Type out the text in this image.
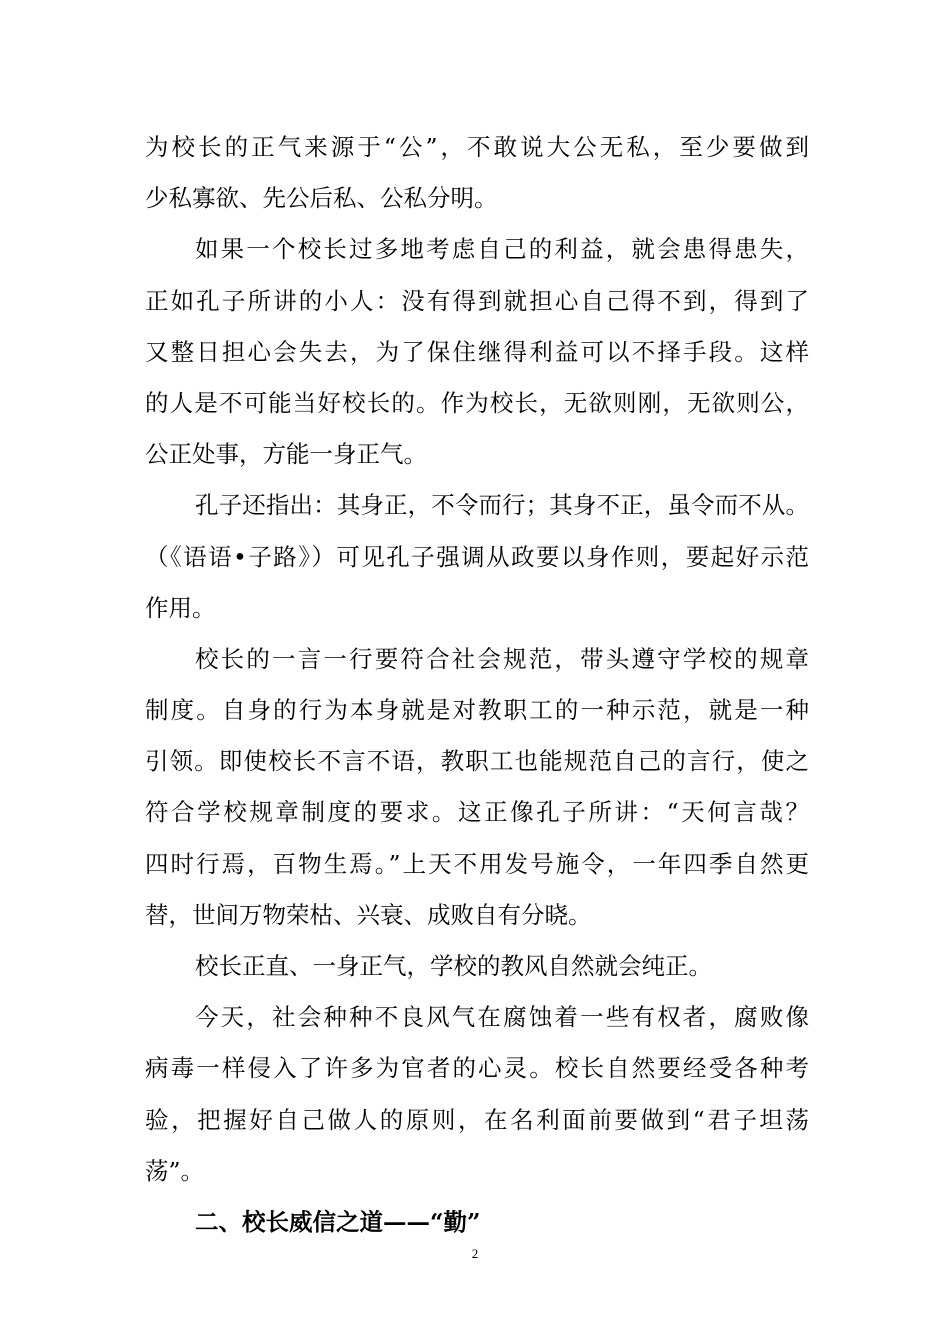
为校长的正气来源于“公”，不敢说大公无私，至少要做到
少私寡欲、先公后私、公私分明。
如果一个校长过多地考虑自己的利益，就会患得患失，
正如孔子所讲的小人：没有得到就担心自己得不到，得到了
又整日担心会失去，为了保住继得利益可以不择手段。这样
的人是不可能当好校长的。作为校长，无欲则刚，无欲则公，
公正处事，方能一身正气。
孔子还指出：其身正，不令而行；其身不正，虽令而不从。
（《语语•子路》）可见孔子强调从政要以身作则，要起好示范
作用。
校长的一言一行要符合社会规范，带头遵守学校的规章
制度。自身的行为本身就是对教职工的一种示范，就是一种
引领。即使校长不言不语，教职工也能规范自己的言行，使之
符合学校规章制度的要求。这正像孔子所讲：“天何言哉？
四时行焉，百物生焉。”上天不用发号施令，一年四季自然更
替，世间万物荣枯、兴衰、成败自有分晓。
校长正直、一身正气，学校的教风自然就会纯正。
今天，社会种种不良风气在腐蚀着一些有权者，腐败像
病毒一样侵入了许多为官者的心灵。校长自然要经受各种考
验，把握好自己做人的原则，在名利面前要做到“君子坦荡
荡”。
二、校长威信之道——“勤”
2
